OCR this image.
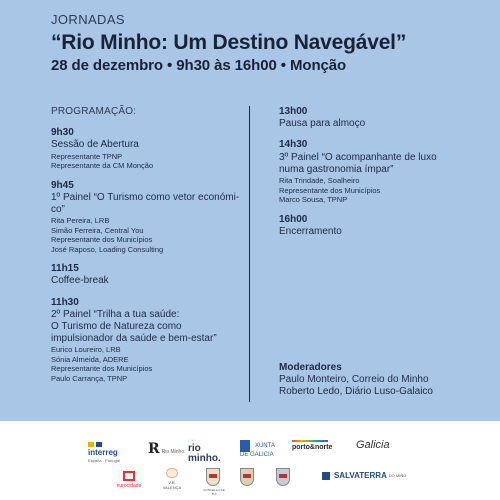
JORNADAS
“Rio Minho: Um Destino Navegável”
28 de dezembro • 9h30 às 16h00 • Monção
PROGRAMAÇÃO:
9h30
Sessão de Abertura
Representante TPNP
Representante da CM Monção
9h45
1º Painel “O Turismo como vetor económi-
co”
Rita Pereira, LRB
Simão Ferreira, Central You
Representante dos Municípios
José Raposo, Loading Consulting
11h15
Coffee-break
11h30
2º Painel “Trilha a tua saúde:
O Turismo de Natureza como
impulsionador da saúde e bem-estar”
Eurico Loureiro, LRB
Sónia Almeida, ADERE
Representante dos Municípios
Paulo Carrança, TPNP
13h00
Pausa para almoço
14h30
3º Painel “O acompanhante de luxo
numa gastronomia ímpar”
Rita Trindade, Soalheiro
Representante dos Municípios
Marco Sousa, TPNP
16h00
Encerramento
Moderadores
Paulo Monteiro, Correio do Minho
Roberto Ledo, Diário Luso-Galaico
interreg
España - Portugal
R Rio Minho
∙·∙
rio
minho.
XUNTA
DE GALICIA
porto&norte Galicia
eurocidade
V.R. VALENÇA	CONCELLO DE TUI
SALVATERRA DO MIÑO
